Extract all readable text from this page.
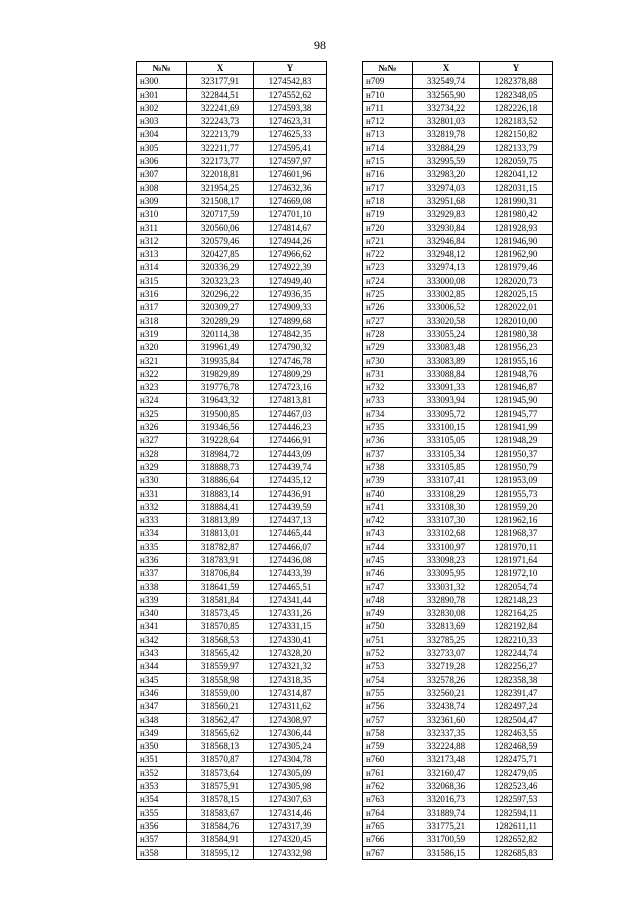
98
№№	X	Y
н300	323177,91	1274542,83
н301	322844,51	1274552,62
н302	322241,69	1274593,38
н303	322243,73	1274623,31
н304	322213,79	1274625,33
н305	322211,77	1274595,41
н306	322173,77	1274597,97
н307	322018,81	1274601,96
н308	321954,25	1274632,36
н309	321508,17	1274669,08
н310	320717,59	1274701,10
н311	320560,06	1274814,67
н312	320579,46	1274944,26
н313	320427,85	1274966,62
н314	320336,29	1274922,39
н315	320323,23	1274949,40
н316	320296,22	1274936,35
н317	320309,27	1274909,33
н318	320289,29	1274899,68
н319	320114,38	1274842,35
н320	319961,49	1274790,32
н321	319935,84	1274746,78
н322	319829,89	1274809,29
н323	319776,78	1274723,16
н324	319643,32	1274813,81
н325	319500,85	1274467,03
н326	319346,56	1274446,23
н327	319228,64	1274466,91
н328	318984,72	1274443,09
н329	318888,73	1274439,74
н330	318886,64	1274435,12
н331	318883,14	1274436,91
н332	318884,41	1274439,59
н333	318813,89	1274437,13
н334	318813,01	1274465,44
н335	318782,87	1274466,07
н336	318783,91	1274436,08
н337	318706,84	1274433,39
н338	318641,59	1274465,51
н339	318581,84	1274341,44
н340	318573,45	1274331,26
н341	318570,85	1274331,15
н342	318568,53	1274330,41
н343	318565,42	1274328,20
н344	318559,97	1274321,32
н345	318558,98	1274318,35
н346	318559,00	1274314,87
н347	318560,21	1274311,62
н348	318562,47	1274308,97
н349	318565,62	1274306,44
н350	318568,13	1274305,24
н351	318570,87	1274304,78
н352	318573,64	1274305,09
н353	318575,91	1274305,98
н354	318578,15	1274307,63
н355	318583,67	1274314,46
н356	318584,76	1274317,39
н357	318584,91	1274320,45
н358	318595,12	1274332,98
№№	X	Y
н709	332549,74	1282378,88
н710	332565,90	1282348,05
н711	332734,22	1282226,18
н712	332801,03	1282183,52
н713	332819,78	1282150,82
н714	332884,29	1282133,79
н715	332995,59	1282059,75
н716	332983,20	1282041,12
н717	332974,03	1282031,15
н718	332951,68	1281990,31
н719	332929,83	1281980,42
н720	332930,84	1281928,93
н721	332946,84	1281946,90
н722	332948,12	1281962,90
н723	332974,13	1281979,46
н724	333000,08	1282020,73
н725	333002,85	1282025,15
н726	333006,52	1282022,01
н727	333020,58	1282010,00
н728	333055,24	1281980,38
н729	333083,48	1281956,23
н730	333083,89	1281955,16
н731	333088,84	1281948,76
н732	333091,33	1281946,87
н733	333093,94	1281945,90
н734	333095,72	1281945,77
н735	333100,15	1281941,99
н736	333105,05	1281948,29
н737	333105,34	1281950,37
н738	333105,85	1281950,79
н739	333107,41	1281953,09
н740	333108,29	1281955,73
н741	333108,30	1281959,20
н742	333107,30	1281962,16
н743	333102,68	1281968,37
н744	333100,97	1281970,11
н745	333098,23	1281971,64
н746	333095,95	1281972,10
н747	333031,32	1282054,74
н748	332890,78	1282148,23
н749	332830,08	1282164,25
н750	332813,69	1282192,84
н751	332785,25	1282210,33
н752	332733,07	1282244,74
н753	332719,28	1282256,27
н754	332578,26	1282358,38
н755	332560,21	1282391,47
н756	332438,74	1282497,24
н757	332361,60	1282504,47
н758	332337,35	1282463,55
н759	332224,88	1282468,59
н760	332173,48	1282475,71
н761	332160,47	1282479,05
н762	332068,36	1282523,46
н763	332016,73	1282597,53
н764	331889,74	1282594,11
н765	331775,21	1282611,11
н766	331700,59	1282652,82
н767	331586,15	1282685,83
